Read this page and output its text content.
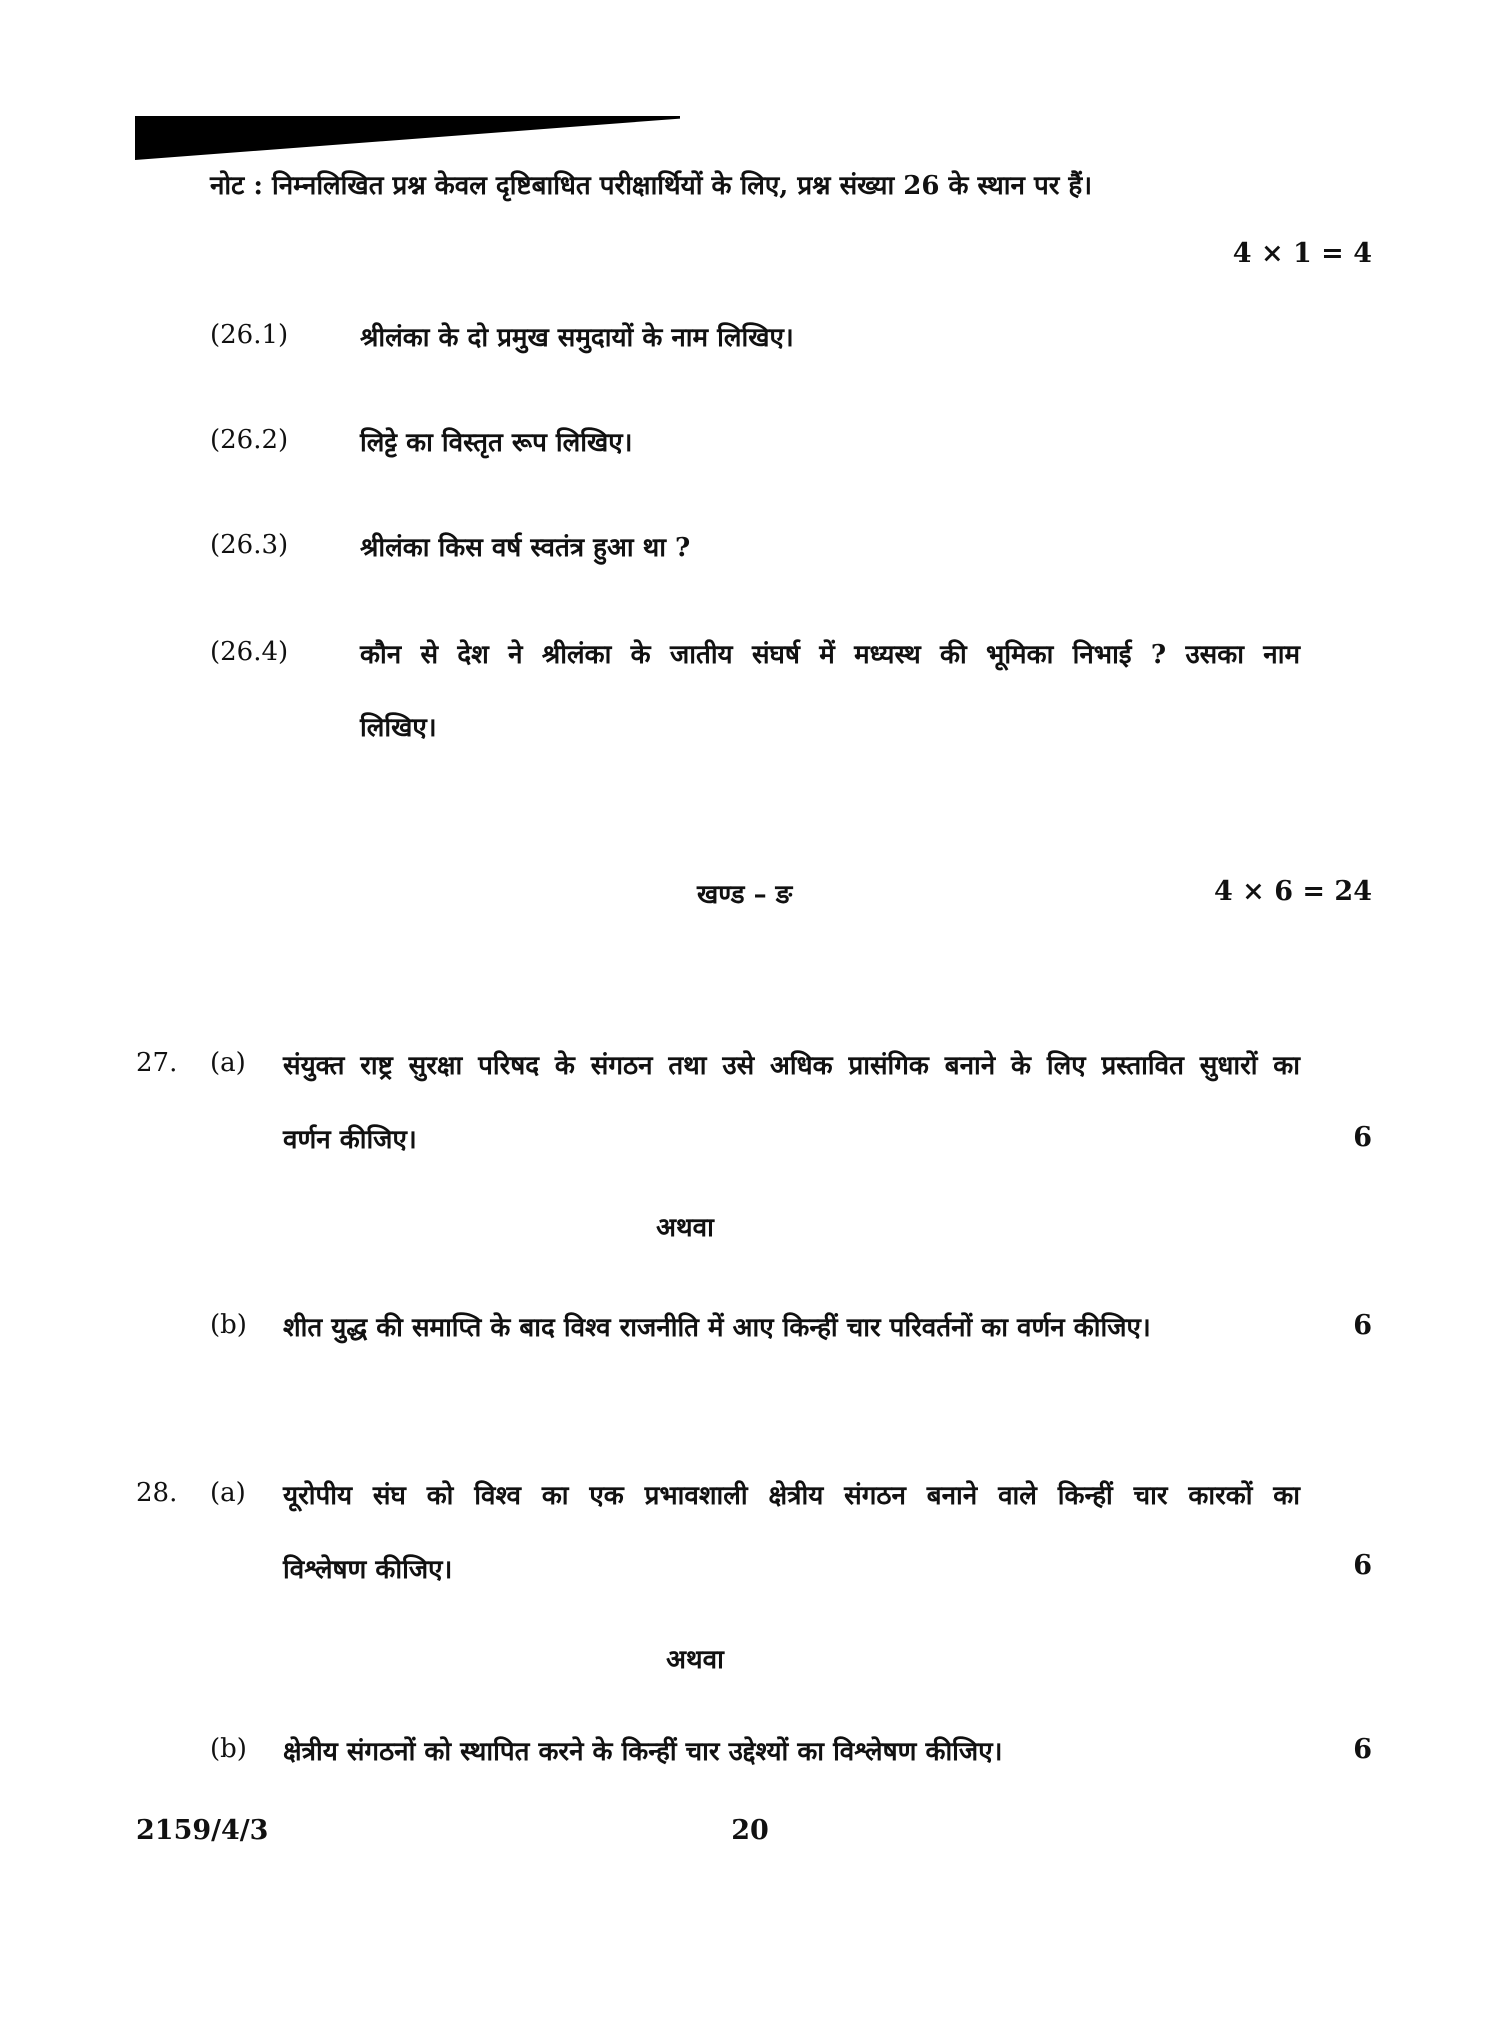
नोट : निम्नलिखित प्रश्न केवल दृष्टिबाधित परीक्षार्थियों के लिए, प्रश्न संख्या 26 के स्थान पर हैं।
4 × 1 = 4
(26.1)	श्रीलंका के दो प्रमुख समुदायों के नाम लिखिए।
(26.2)	लिट्टे का विस्तृत रूप लिखिए।
(26.3)	श्रीलंका किस वर्ष स्वतंत्र हुआ था ?
(26.4)	कौन से देश ने श्रीलंका के जातीय संघर्ष में मध्यस्थ की भूमिका निभाई ? उसका नाम
लिखिए।
खण्ड – ङ	4 × 6 = 24
27. (a) संयुक्त राष्ट्र सुरक्षा परिषद के संगठन तथा उसे अधिक प्रासंगिक बनाने के लिए प्रस्तावित सुधारों का
वर्णन कीजिए।	6
अथवा
(b) शीत युद्ध की समाप्ति के बाद विश्व राजनीति में आए किन्हीं चार परिवर्तनों का वर्णन कीजिए।	6
28. (a) यूरोपीय संघ को विश्व का एक प्रभावशाली क्षेत्रीय संगठन बनाने वाले किन्हीं चार कारकों का
विश्लेषण कीजिए।	6
अथवा
(b) क्षेत्रीय संगठनों को स्थापित करने के किन्हीं चार उद्देश्यों का विश्लेषण कीजिए।	6
2159/4/3	20
